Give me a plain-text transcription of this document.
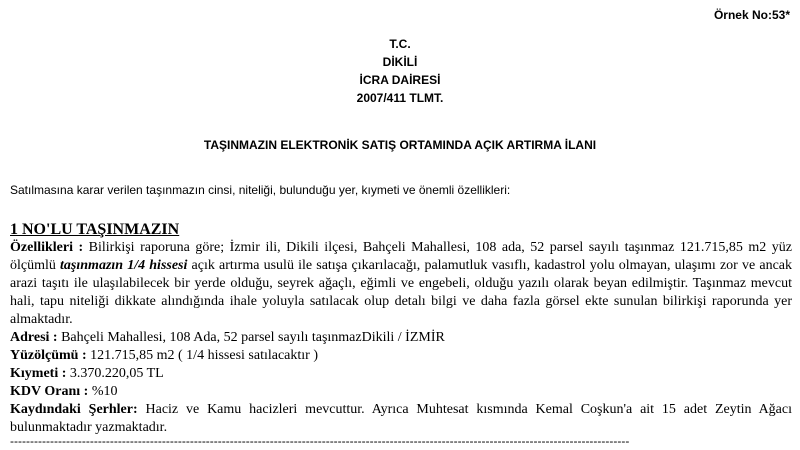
Örnek No:53*
T.C.
DİKİLİ
İCRA DAİRESİ
2007/411 TLMT.
TAŞINMAZIN ELEKTRONİK SATIŞ ORTAMINDA AÇIK ARTIRMA İLANI
Satılmasına karar verilen taşınmazın cinsi, niteliği, bulunduğu yer, kıymeti ve önemli özellikleri:
1 NO'LU TAŞINMAZIN

Özellikleri : Bilirkişi raporuna göre; İzmir ili, Dikili ilçesi, Bahçeli Mahallesi, 108 ada, 52 parsel sayılı taşınmaz 121.715,85 m2 yüz ölçümlü taşınmazın 1/4 hissesi açık artırma usulü ile satışa çıkarılacağı, palamutluk vasıflı, kadastrol yolu olmayan, ulaşımı zor ve ancak arazi taşıtı ile ulaşılabilecek bir yerde olduğu, seyrek ağaçlı, eğimli ve engebeli, olduğu yazılı olarak beyan edilmiştir. Taşınmaz mevcut hali, tapu niteliği dikkate alındığında ihale yoluyla satılacak olup detalı bilgi ve daha fazla görsel ekte sunulan bilirkişi raporunda yer almaktadır.

Adresi : Bahçeli Mahallesi, 108 Ada, 52 parsel sayılı taşınmazDikili / İZMİR

Yüzölçümü : 121.715,85 m2 ( 1/4 hissesi satılacaktır )

Kıymeti : 3.370.220,05 TL

KDV Oranı : %10

Kaydındaki Şerhler: Haciz ve Kamu hacizleri mevcuttur. Ayrıca Muhtesat kısmında Kemal Coşkun'a ait 15 adet Zeytin Ağacı bulunmaktadır yazmaktadır.

-----------------------------------------------------------------------------------------------------------------------------------------------------------
